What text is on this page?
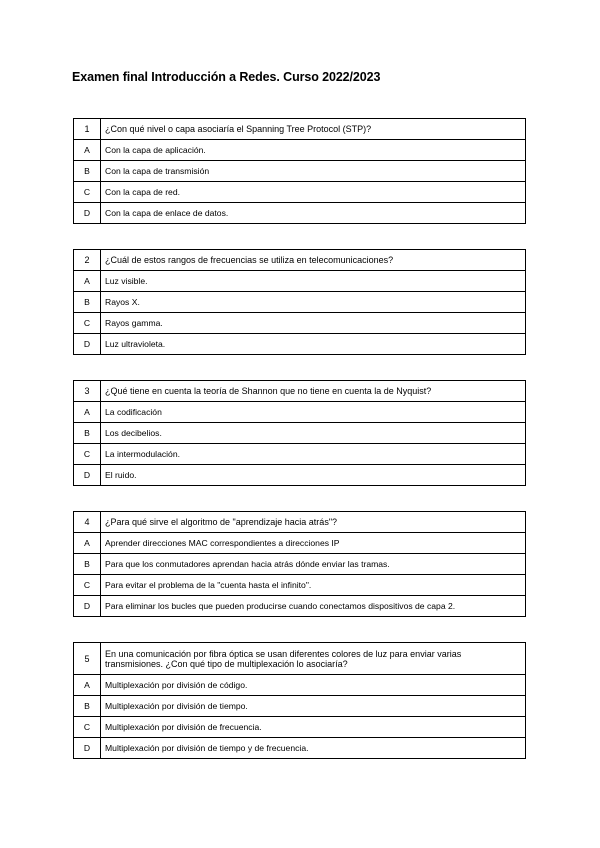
Examen final Introducción a Redes. Curso 2022/2023
1	¿Con qué nivel o capa asociaría el Spanning Tree Protocol (STP)?
A	Con la capa de aplicación.
B	Con la capa de transmisión
C	Con la capa de red.
D	Con la capa de enlace de datos.
2	¿Cuál de estos rangos de frecuencias se utiliza en telecomunicaciones?
A	Luz visible.
B	Rayos X.
C	Rayos gamma.
D	Luz ultravioleta.
3	¿Qué tiene en cuenta la teoría de Shannon que no tiene en cuenta la de Nyquist?
A	La codificación
B	Los decibelios.
C	La intermodulación.
D	El ruido.
4	¿Para qué sirve el algoritmo de "aprendizaje hacia atrás"?
A	Aprender direcciones MAC correspondientes a direcciones IP
B	Para que los conmutadores aprendan hacia atrás dónde enviar las tramas.
C	Para evitar el problema de la "cuenta hasta el infinito".
D	Para eliminar los bucles que pueden producirse cuando conectamos dispositivos de capa 2.
5	En una comunicación por fibra óptica se usan diferentes colores de luz para enviar varias transmisiones. ¿Con qué tipo de multiplexación lo asociaría?
A	Multiplexación por división de código.
B	Multiplexación por división de tiempo.
C	Multiplexación por división de frecuencia.
D	Multiplexación por división de tiempo y de frecuencia.
